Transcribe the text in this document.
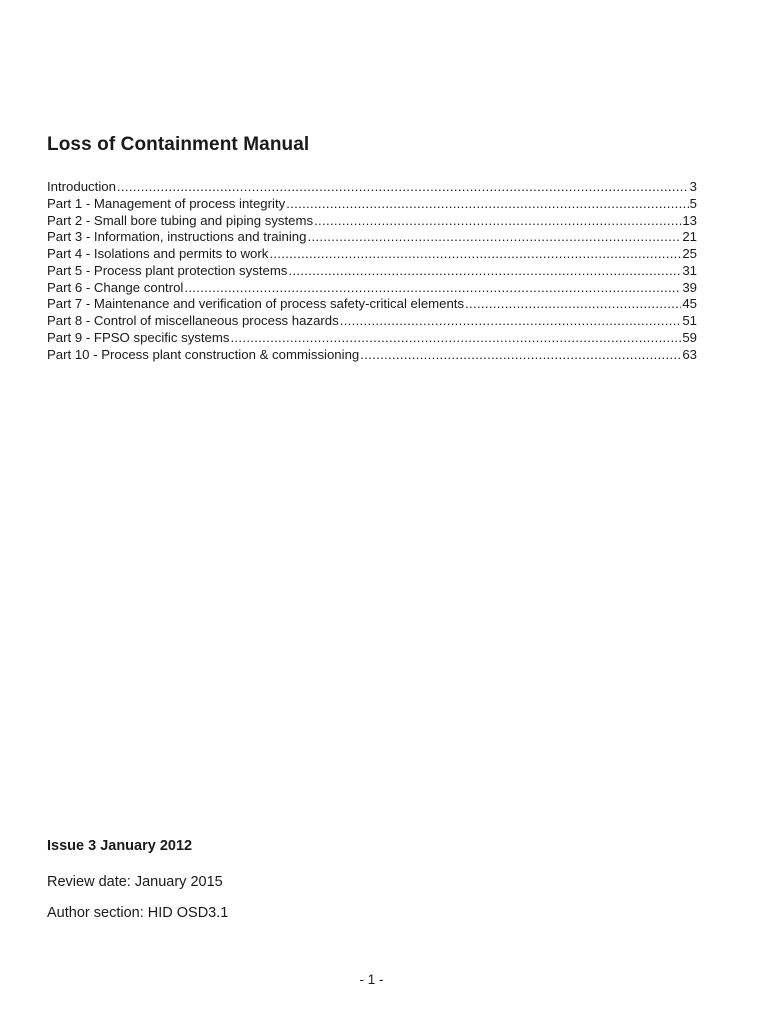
Loss of Containment Manual
Introduction .....	3
Part 1 - Management of process integrity .....	5
Part 2 - Small bore tubing and piping systems .....	13
Part 3 - Information, instructions and training .....	21
Part 4 - Isolations and permits to work .....	25
Part 5 - Process plant protection systems .....	31
Part 6 - Change control .....	39
Part 7 - Maintenance and verification of process safety-critical elements .....	45
Part 8 - Control of miscellaneous process hazards .....	51
Part 9 - FPSO specific systems .....	59
Part 10 - Process plant construction & commissioning .....	63

Issue 3 January 2012

Review date: January 2015

Author section: HID OSD3.1

- 1 -
